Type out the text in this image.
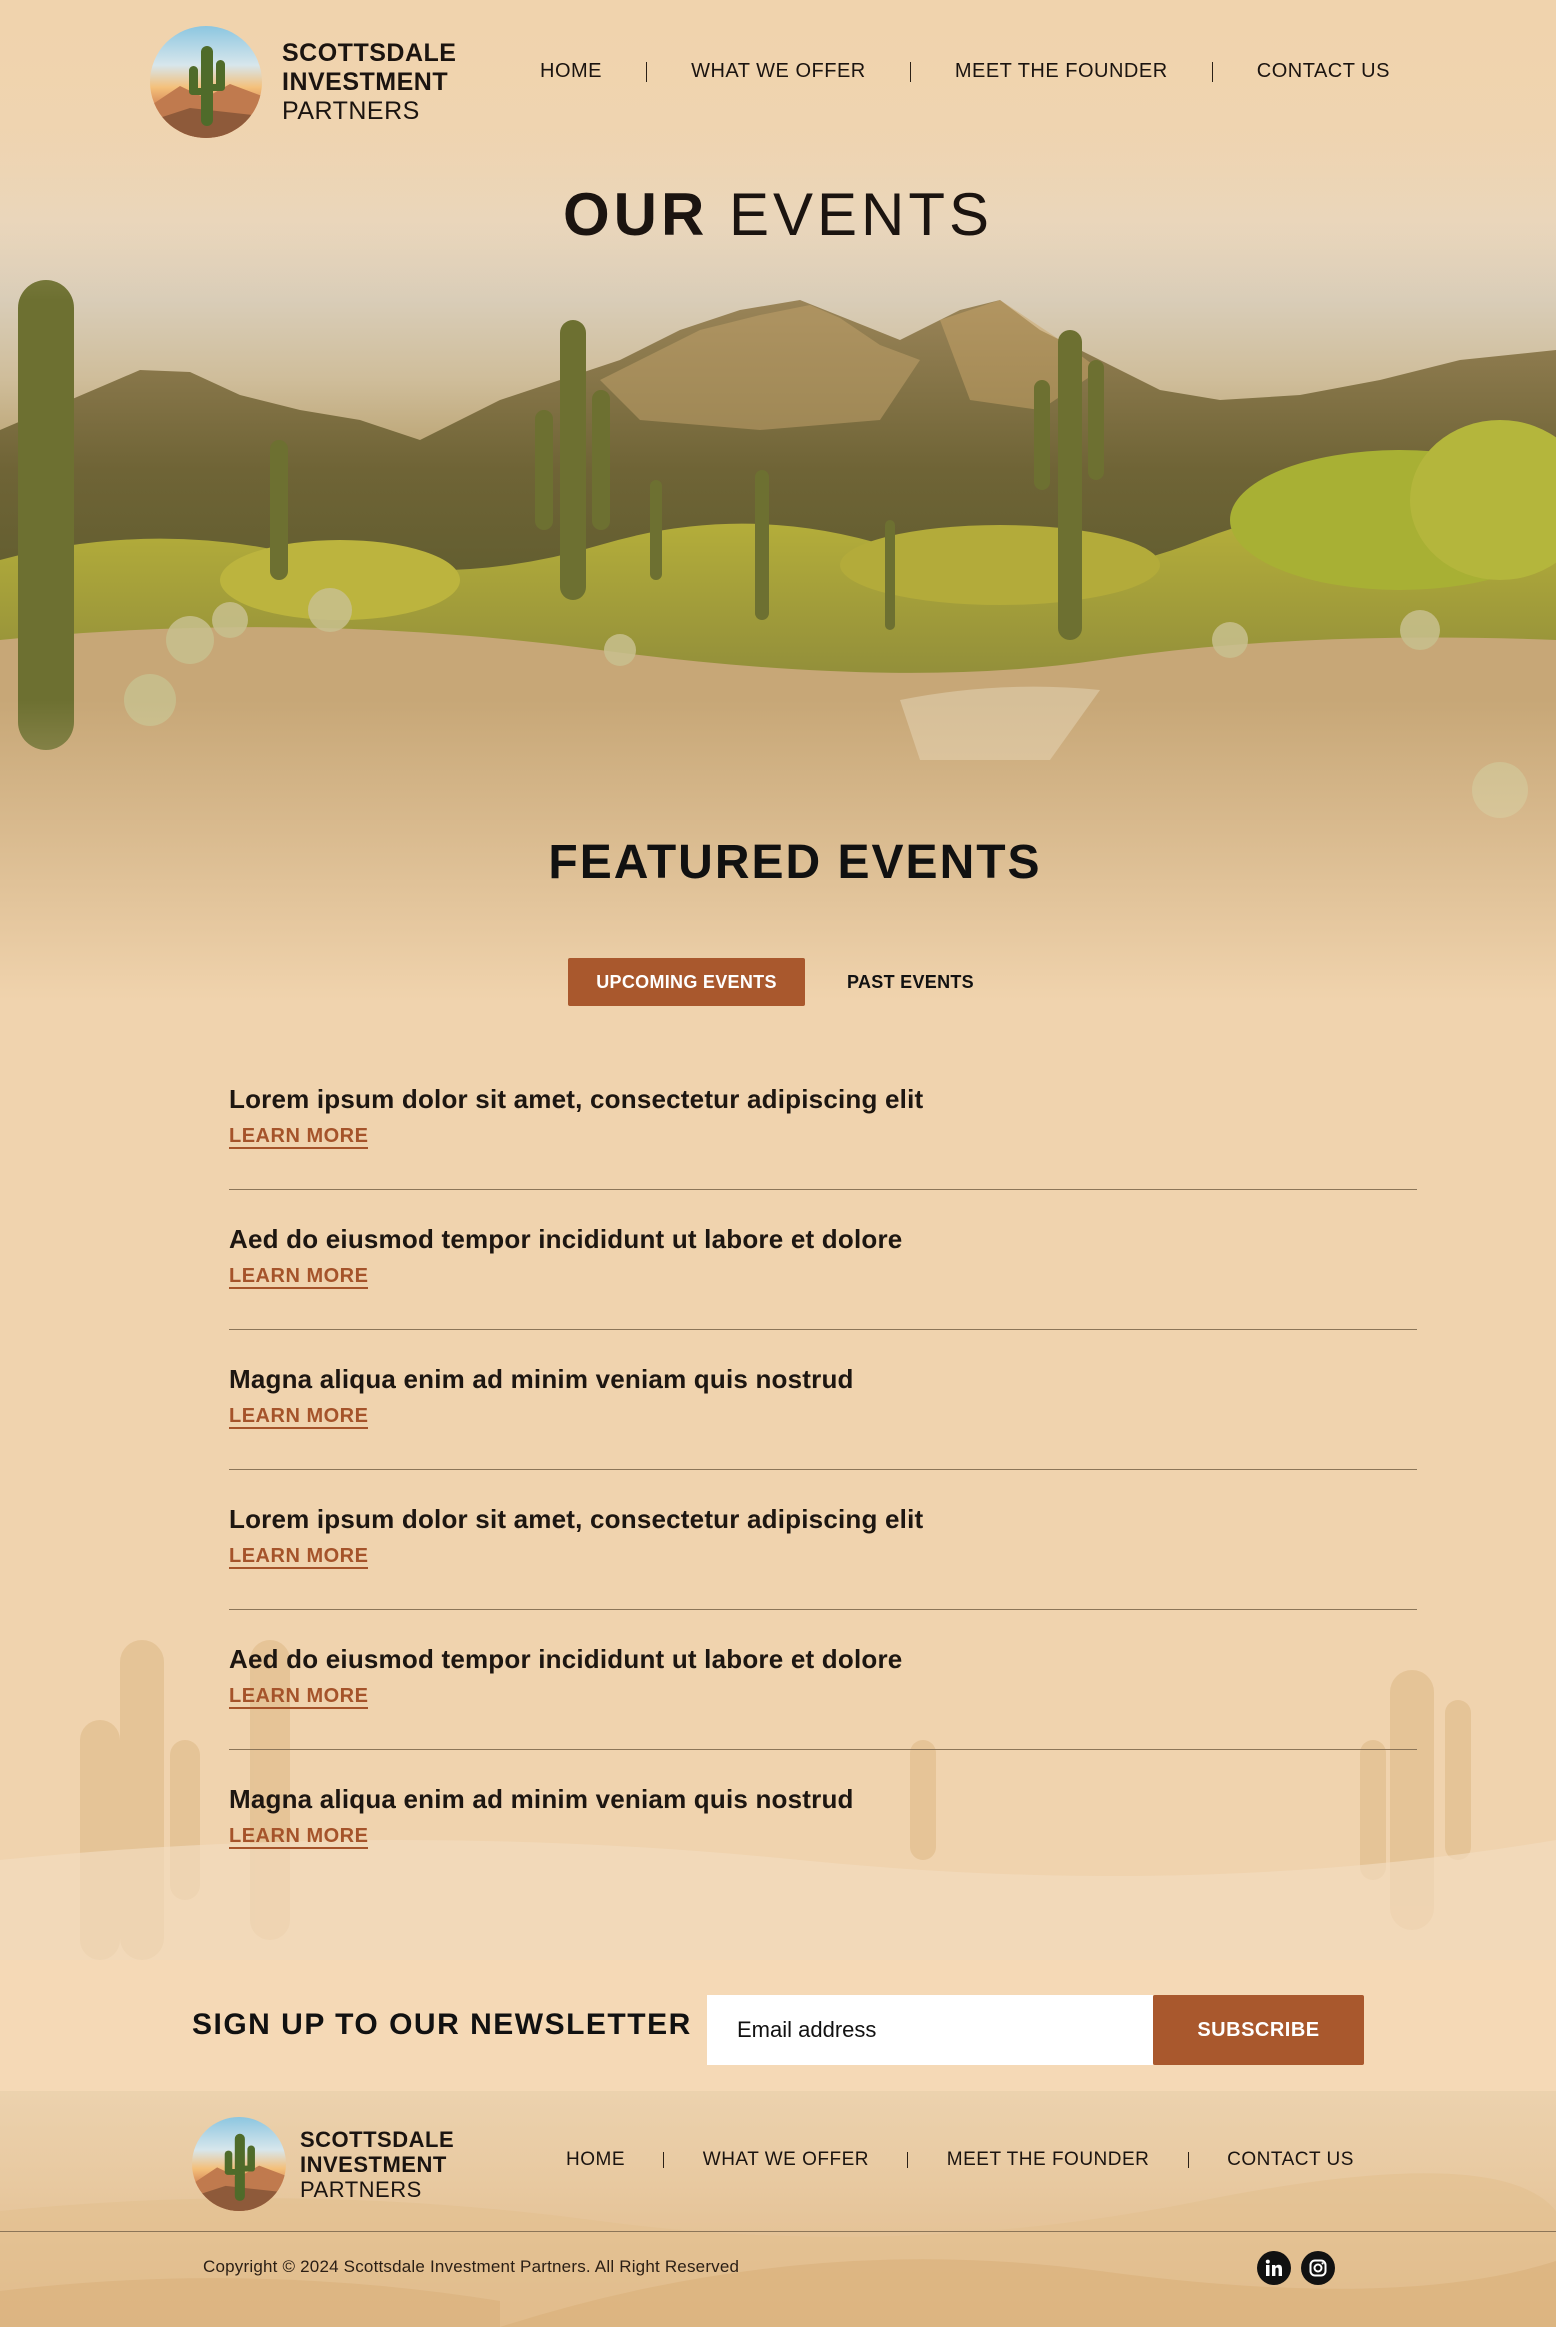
SCOTTSDALE
INVESTMENT
PARTNERS
HOME	WHAT WE OFFER	MEET THE FOUNDER	CONTACT US
OUR EVENTS
FEATURED EVENTS
UPCOMING EVENTS	PAST EVENTS
Lorem ipsum dolor sit amet, consectetur adipiscing elit
LEARN MORE
Aed do eiusmod tempor incididunt ut labore et dolore
LEARN MORE
Magna aliqua enim ad minim veniam quis nostrud
LEARN MORE
Lorem ipsum dolor sit amet, consectetur adipiscing elit
LEARN MORE
Aed do eiusmod tempor incididunt ut labore et dolore
LEARN MORE
Magna aliqua enim ad minim veniam quis nostrud
LEARN MORE
SIGN UP TO OUR NEWSLETTER
Email address	SUBSCRIBE
SCOTTSDALE
INVESTMENT
PARTNERS
HOME	WHAT WE OFFER	MEET THE FOUNDER	CONTACT US
Copyright © 2024 Scottsdale Investment Partners. All Right Reserved
